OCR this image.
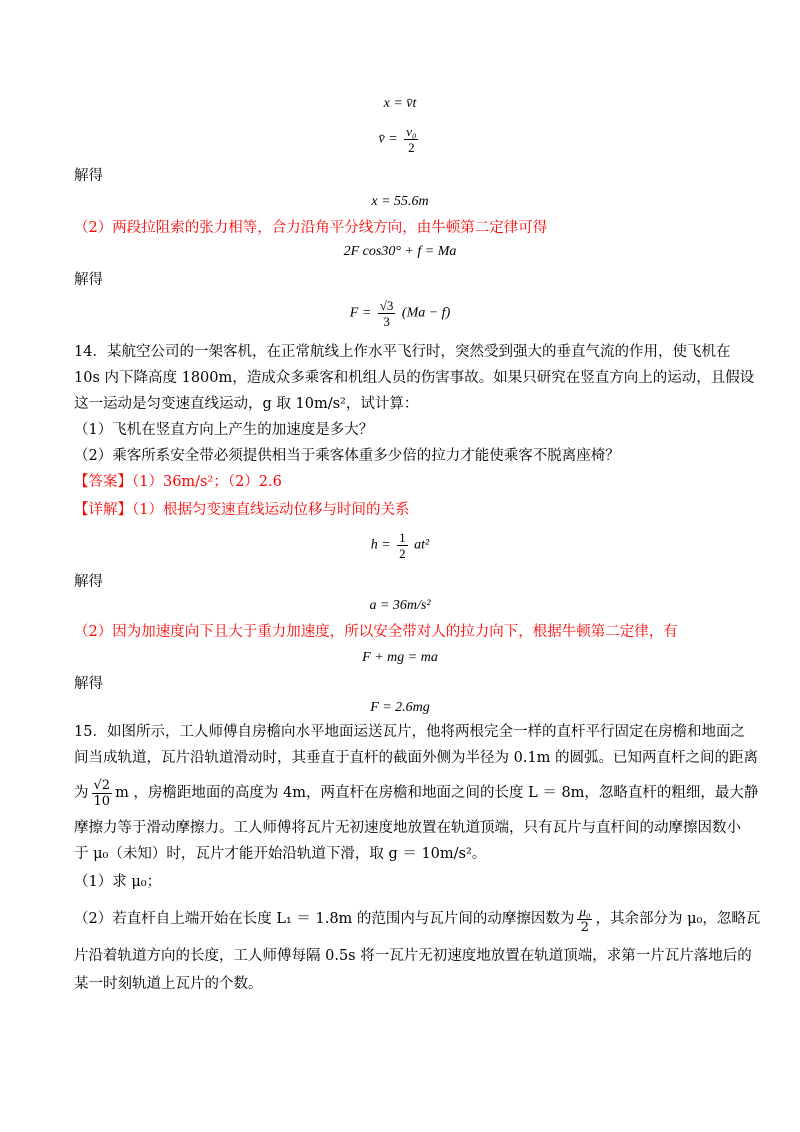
x = v̄t
v̄ = $\frac{\text{v₀}}{2}$
解得
x = 55.6m
（2）两段拉阻索的张力相等，合力沿角平分线方向，由牛顿第二定律可得
2F cos30° + f = Ma
解得
$F = \frac{√3}{3} (Ma - f)$
14．某航空公司的一架客机，在正常航线上作水平飞行时，突然受到强大的垂直气流的作用，使飞机在
10s 内下降高度 1800m，造成众多乘客和机组人员的伤害事故。如果只研究在竖直方向上的运动，且假设
这一运动是匀变速直线运动，g 取 10m/s²，试计算：
（1）飞机在竖直方向上产生的加速度是多大？
（2）乘客所系安全带必须提供相当于乘客体重多少倍的拉力才能使乘客不脱离座椅？
【答案】（1）36m/s²；（2）2.6
【详解】（1）根据匀变速直线运动位移与时间的关系
$h = \frac{1}{2} at^2$
解得
a = 36m/s²
（2）因为加速度向下且大于重力加速度，所以安全带对人的拉力向下，根据牛顿第二定律，有
F + mg = ma
解得
F = 2.6mg
15．如图所示，工人师傅自房檐向水平地面运送瓦片，他将两根完全一样的直杆平行固定在房檐和地面之
间当成轨道，瓦片沿轨道滑动时，其垂直于直杆的截面外侧为半径为 0.1m 的圆弧。已知两直杆之间的距离
为 $\frac{√2}{10}$ m ，房檐距地面的高度为 4m，两直杆在房檐和地面之间的长度 L ＝ 8m，忽略直杆的粗细，最大静
摩擦力等于滑动摩擦力。工人师傅将瓦片无初速度地放置在轨道顶端，只有瓦片与直杆间的动摩擦因数小
于 μ₀（未知）时，瓦片才能开始沿轨道下滑，取 g ＝ 10m/s²。
（1）求 μ₀；
（2）若直杆自上端开始在长度 L₁ ＝ 1.8m 的范围内与瓦片间的动摩擦因数为 $\frac{\text{μ₀}}{2}$ ，其余部分为 μ₀，忽略瓦
片沿着轨道方向的长度，工人师傅每隔 0.5s 将一瓦片无初速度地放置在轨道顶端，求第一片瓦片落地后的
某一时刻轨道上瓦片的个数。
